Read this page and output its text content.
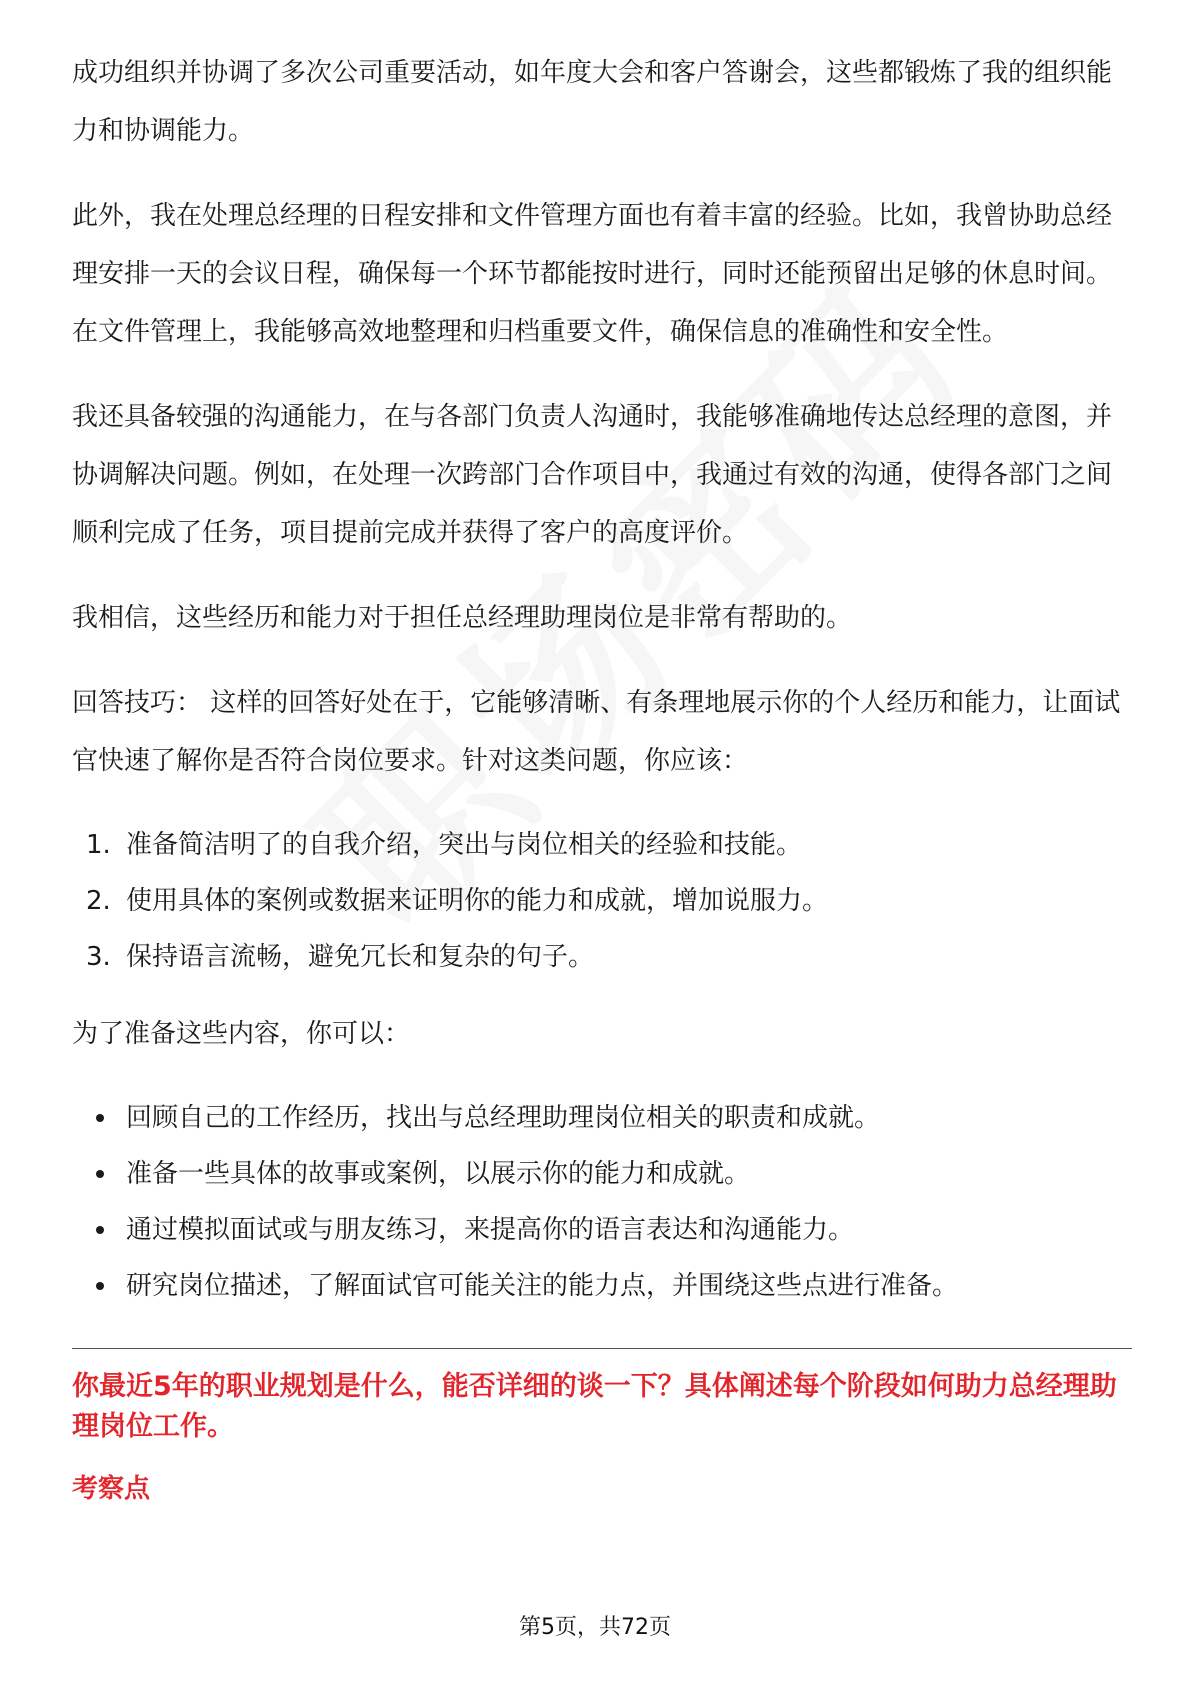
成功组织并协调了多次公司重要活动，如年度大会和客户答谢会，这些都锻炼了我的组织能力和协调能力。

此外，我在处理总经理的日程安排和文件管理方面也有着丰富的经验。比如，我曾协助总经理安排一天的会议日程，确保每一个环节都能按时进行，同时还能预留出足够的休息时间。在文件管理上，我能够高效地整理和归档重要文件，确保信息的准确性和安全性。

我还具备较强的沟通能力，在与各部门负责人沟通时，我能够准确地传达总经理的意图，并协调解决问题。例如，在处理一次跨部门合作项目中，我通过有效的沟通，使得各部门之间顺利完成了任务，项目提前完成并获得了客户的高度评价。

我相信，这些经历和能力对于担任总经理助理岗位是非常有帮助的。

回答技巧： 这样的回答好处在于，它能够清晰、有条理地展示你的个人经历和能力，让面试官快速了解你是否符合岗位要求。针对这类问题，你应该：

1. 准备简洁明了的自我介绍，突出与岗位相关的经验和技能。
2. 使用具体的案例或数据来证明你的能力和成就，增加说服力。
3. 保持语言流畅，避免冗长和复杂的句子。

为了准备这些内容，你可以：

回顾自己的工作经历，找出与总经理助理岗位相关的职责和成就。
准备一些具体的故事或案例，以展示你的能力和成就。
通过模拟面试或与朋友练习，来提高你的语言表达和沟通能力。
研究岗位描述，了解面试官可能关注的能力点，并围绕这些点进行准备。

你最近5年的职业规划是什么，能否详细的谈一下？具体阐述每个阶段如何助力总经理助理岗位工作。

考察点

第5页，共72页
